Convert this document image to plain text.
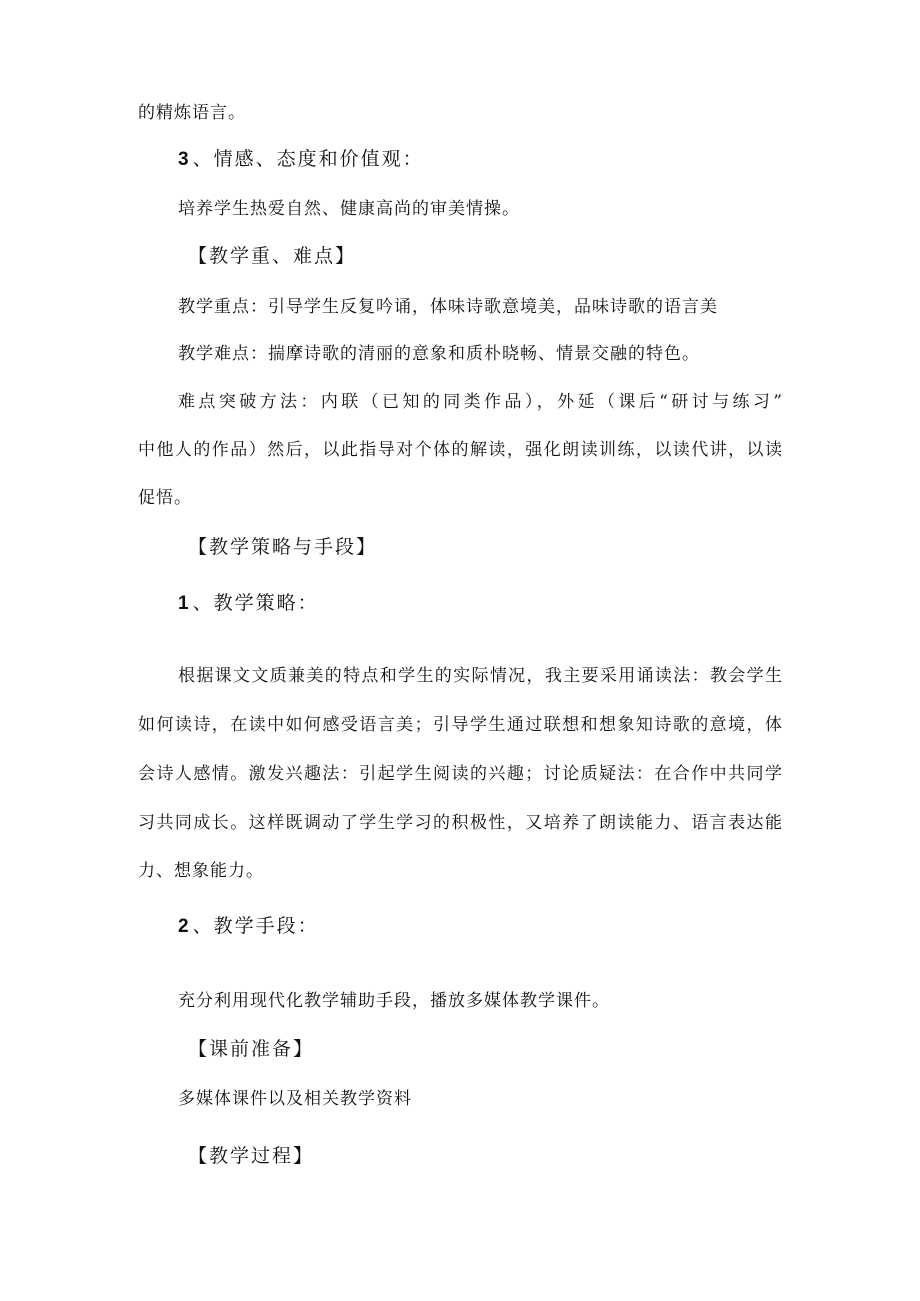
的精炼语言。
3 、情感、态度和价值观：
培养学生热爱自然、健康高尚的审美情操。
【教学重、难点】
教学重点：引导学生反复吟诵，体味诗歌意境美，品味诗歌的语言美
教学难点：揣摩诗歌的清丽的意象和质朴晓畅、情景交融的特色。
难点突破方法：内联（已知的同类作品），外延（课后“研讨与练习”
中他人的作品）然后，以此指导对个体的解读，强化朗读训练，以读代讲，以读
促悟。
【教学策略与手段】
1 、教学策略：
根据课文文质兼美的特点和学生的实际情况，我主要采用诵读法：教会学生
如何读诗，在读中如何感受语言美；引导学生通过联想和想象知诗歌的意境，体
会诗人感情。激发兴趣法：引起学生阅读的兴趣；讨论质疑法：在合作中共同学
习共同成长。这样既调动了学生学习的积极性，又培养了朗读能力、语言表达能
力、想象能力。
2 、教学手段：
充分利用现代化教学辅助手段，播放多媒体教学课件。
【课前准备】
多媒体课件以及相关教学资料
【教学过程】
